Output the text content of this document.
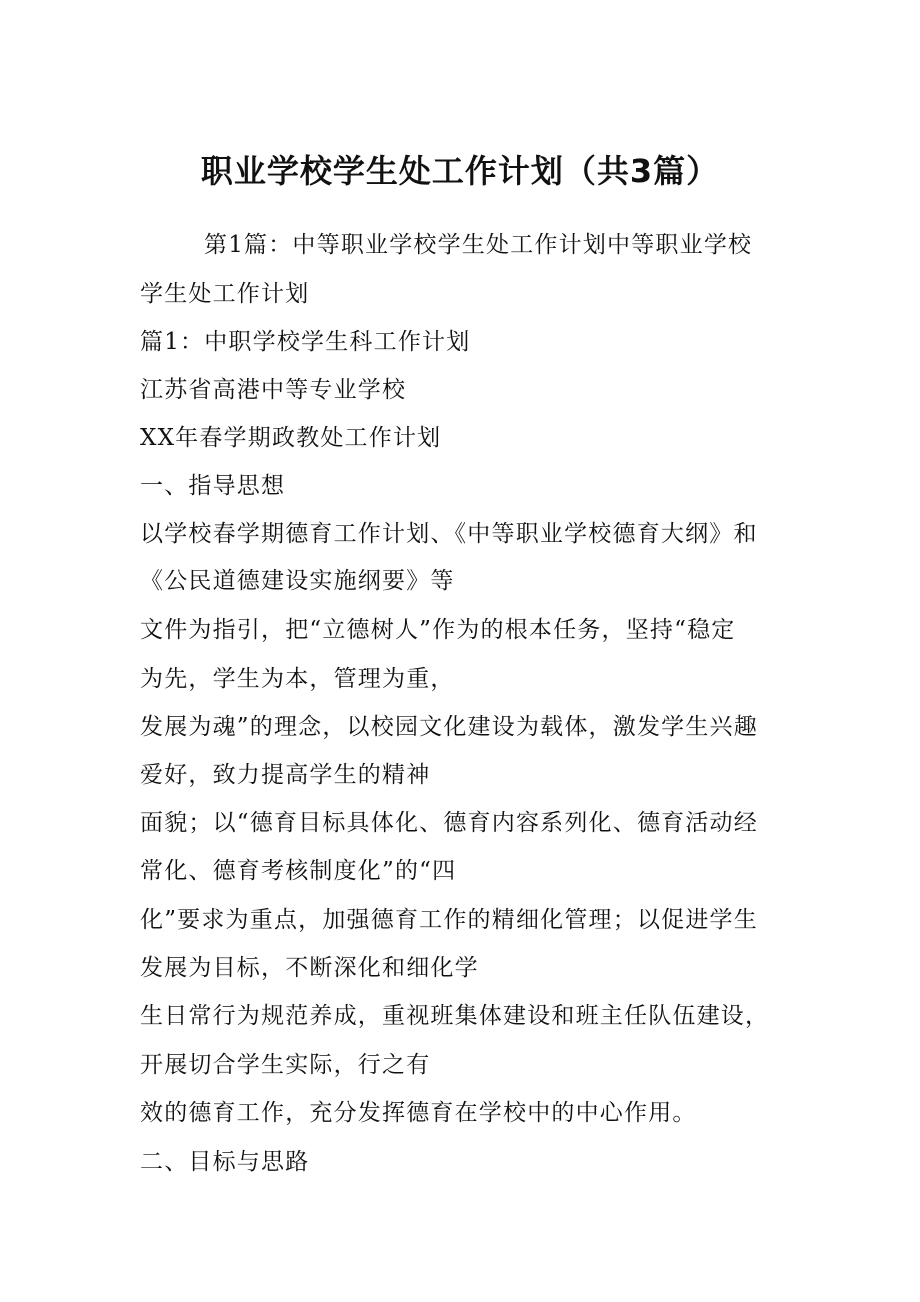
职业学校学生处工作计划（共3篇）
第1篇：中等职业学校学生处工作计划中等职业学校
学生处工作计划
篇1：中职学校学生科工作计划
江苏省高港中等专业学校
XX年春学期政教处工作计划
一、指导思想
以学校春学期德育工作计划、《中等职业学校德育大纲》和
《公民道德建设实施纲要》等
文件为指引，把“立德树人”作为的根本任务，坚持“稳定
为先，学生为本，管理为重，
发展为魂”的理念，以校园文化建设为载体，激发学生兴趣
爱好，致力提高学生的精神
面貌；以“德育目标具体化、德育内容系列化、德育活动经
常化、德育考核制度化”的“四
化”要求为重点，加强德育工作的精细化管理；以促进学生
发展为目标，不断深化和细化学
生日常行为规范养成，重视班集体建设和班主任队伍建设，
开展切合学生实际，行之有
效的德育工作，充分发挥德育在学校中的中心作用。
二、目标与思路
